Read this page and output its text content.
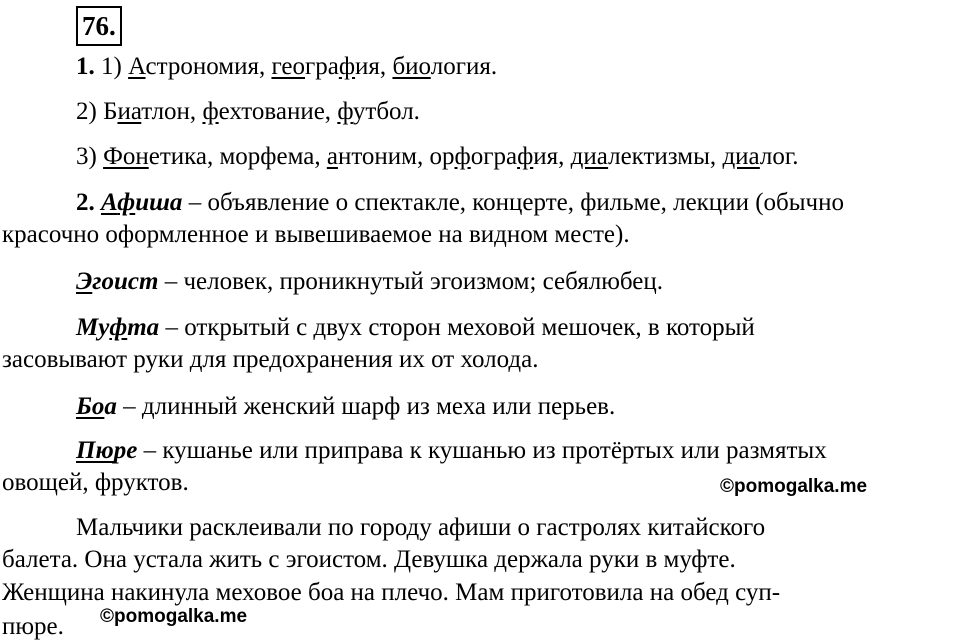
76.
1. 1) Астрономия, география, биология.
2) Биатлон, фехтование, футбол.
3) Фонетика, морфема, антоним, орфография, диалектизмы, диалог.
2. Афиша – объявление о спектакле, концерте, фильме, лекции (обычно
красочно оформленное и вывешиваемое на видном месте).
Эгоист – человек, проникнутый эгоизмом; себялюбец.
Муфта – открытый с двух сторон меховой мешочек, в который
засовывают руки для предохранения их от холода.
Боа – длинный женский шарф из меха или перьев.
Пюре – кушанье или приправа к кушанью из протёртых или размятых
овощей, фруктов.	©pomogalka.me
Мальчики расклеивали по городу афиши о гастролях китайского
балета. Она устала жить с эгоистом. Девушка держала руки в муфте.
Женщина накинула меховое боа на плечо. Мам приготовила на обед суп-
пюре. ©pomogalka.me
